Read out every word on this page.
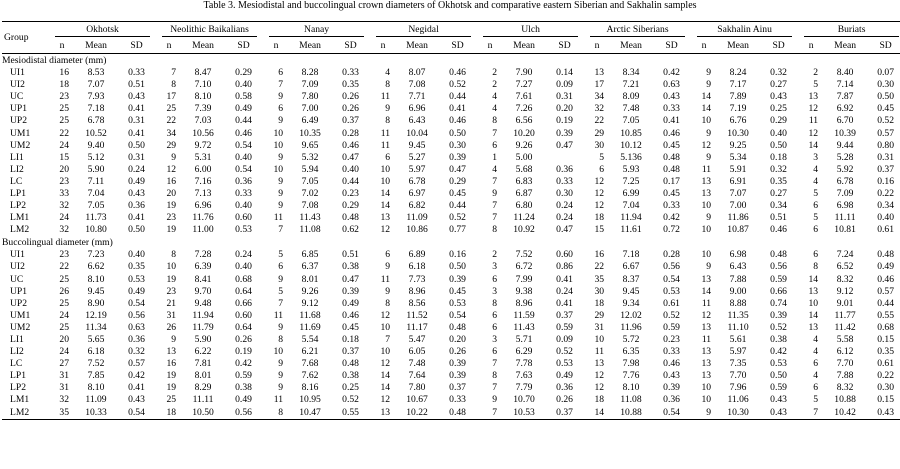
Table 3. Mesiodistal and buccolingual crown diameters of Okhotsk and comparative eastern Siberian and Sakhalin samples
Group	Okhotsk			Neolithic Baikalians			Nanay			Negidal			Ulch			Arctic Siberians			Sakhalin Ainu			Buriats		

	n	Mean	SD	n	Mean	SD	n	Mean	SD	n	Mean	SD	n	Mean	SD	n	Mean	SD	n	Mean	SD	n	Mean	SD
Mesiodistal diameter (mm)																								
UI1	16	8.53	0.33	7	8.47	0.29	6	8.28	0.33	4	8.07	0.46	2	7.90	0.14	13	8.34	0.42	9	8.24	0.32	2	8.40	0.07
UI2	18	7.07	0.51	8	7.10	0.40	7	7.09	0.35	8	7.08	0.52	2	7.27	0.09	17	7.21	0.63	9	7.17	0.27	5	7.14	0.30
UC	23	7.93	0.43	17	8.10	0.58	9	7.80	0.26	11	7.71	0.44	4	7.61	0.31	34	8.09	0.43	14	7.89	0.43	13	7.87	0.50
UP1	25	7.18	0.41	25	7.39	0.49	6	7.00	0.26	9	6.96	0.41	4	7.26	0.20	32	7.48	0.33	14	7.19	0.25	12	6.92	0.45
UP2	25	6.78	0.31	22	7.03	0.44	9	6.49	0.37	8	6.43	0.46	8	6.56	0.19	22	7.05	0.41	10	6.76	0.29	11	6.70	0.52
UM1	22	10.52	0.41	34	10.56	0.46	10	10.35	0.28	11	10.04	0.50	7	10.20	0.39	29	10.85	0.46	9	10.30	0.40	12	10.39	0.57
UM2	24	9.40	0.50	29	9.72	0.54	10	9.65	0.46	11	9.45	0.30	6	9.26	0.47	30	10.12	0.45	12	9.25	0.50	14	9.44	0.80
LI1	15	5.12	0.31	9	5.31	0.40	9	5.32	0.47	6	5.27	0.39	1	5.00		5	5.136	0.48	9	5.34	0.18	3	5.28	0.31
LI2	20	5.90	0.24	12	6.00	0.54	10	5.94	0.40	10	5.97	0.47	4	5.68	0.36	6	5.93	0.48	11	5.91	0.32	4	5.92	0.37
LC	23	7.11	0.49	16	7.16	0.36	9	7.05	0.44	10	6.78	0.29	7	6.83	0.33	12	7.25	0.17	13	6.91	0.35	4	6.78	0.16
LP1	33	7.04	0.43	20	7.13	0.33	9	7.02	0.23	14	6.97	0.45	9	6.87	0.30	12	6.99	0.45	13	7.07	0.27	5	7.09	0.22
LP2	32	7.05	0.36	19	6.96	0.40	9	7.08	0.29	14	6.82	0.44	7	6.80	0.24	12	7.04	0.33	10	7.00	0.34	6	6.98	0.34
LM1	24	11.73	0.41	23	11.76	0.60	11	11.43	0.48	13	11.09	0.52	7	11.24	0.24	18	11.94	0.42	9	11.86	0.51	5	11.11	0.40
LM2	32	10.80	0.50	19	11.00	0.53	7	11.08	0.62	12	10.86	0.77	8	10.92	0.47	15	11.61	0.72	10	10.87	0.46	6	10.81	0.61
Buccolingual diameter (mm)																								
UI1	23	7.23	0.40	8	7.28	0.24	5	6.85	0.51	6	6.89	0.16	2	7.52	0.60	16	7.18	0.28	10	6.98	0.48	6	7.24	0.48
UI2	22	6.62	0.35	10	6.39	0.40	6	6.37	0.38	9	6.18	0.50	3	6.72	0.86	22	6.67	0.56	9	6.43	0.56	8	6.52	0.49
UC	25	8.10	0.53	19	8.41	0.68	9	8.01	0.47	11	7.73	0.39	6	7.99	0.41	35	8.37	0.54	13	7.88	0.59	14	8.32	0.46
UP1	26	9.45	0.49	23	9.70	0.64	5	9.26	0.39	9	8.96	0.45	3	9.38	0.24	30	9.45	0.53	14	9.00	0.66	13	9.12	0.57
UP2	25	8.90	0.54	21	9.48	0.66	7	9.12	0.49	8	8.56	0.53	8	8.96	0.41	18	9.34	0.61	11	8.88	0.74	10	9.01	0.44
UM1	24	12.19	0.56	31	11.94	0.60	11	11.68	0.46	12	11.52	0.54	6	11.59	0.37	29	12.02	0.52	12	11.35	0.39	14	11.77	0.55
UM2	25	11.34	0.63	26	11.79	0.64	9	11.69	0.45	10	11.17	0.48	6	11.43	0.59	31	11.96	0.59	13	11.10	0.52	13	11.42	0.68
LI1	20	5.65	0.36	9	5.90	0.26	8	5.54	0.18	7	5.47	0.20	3	5.71	0.09	10	5.72	0.23	11	5.61	0.38	4	5.58	0.15
LI2	24	6.18	0.32	13	6.22	0.19	10	6.21	0.37	10	6.05	0.26	6	6.29	0.52	11	6.35	0.33	13	5.97	0.42	4	6.12	0.35
LC	27	7.52	0.57	16	7.81	0.42	9	7.68	0.48	12	7.48	0.39	7	7.78	0.53	13	7.98	0.46	13	7.35	0.53	6	7.70	0.61
LP1	31	7.85	0.42	19	8.01	0.59	9	7.62	0.38	14	7.64	0.39	8	7.63	0.49	12	7.76	0.43	13	7.70	0.50	4	7.88	0.22
LP2	31	8.10	0.41	19	8.29	0.38	9	8.16	0.25	14	7.80	0.37	7	7.79	0.36	12	8.10	0.39	10	7.96	0.59	6	8.32	0.30
LM1	32	11.09	0.43	25	11.11	0.49	11	10.95	0.52	12	10.67	0.33	9	10.70	0.26	18	11.08	0.36	10	11.06	0.43	5	10.88	0.15
LM2	35	10.33	0.54	18	10.50	0.56	8	10.47	0.55	13	10.22	0.48	7	10.53	0.37	14	10.88	0.54	9	10.30	0.43	7	10.42	0.43
